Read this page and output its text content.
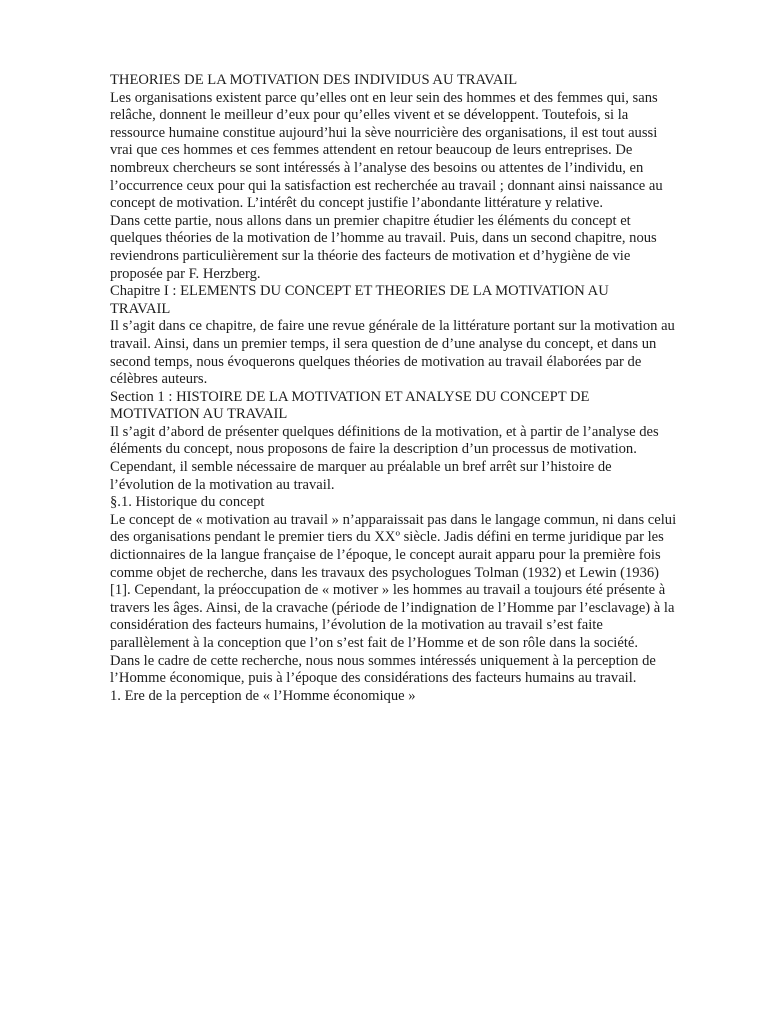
THEORIES DE LA MOTIVATION DES INDIVIDUS AU TRAVAIL

Les organisations existent parce qu’elles ont en leur sein des hommes et des femmes qui, sans
relâche, donnent le meilleur d’eux pour qu’elles vivent et se développent. Toutefois, si la
ressource humaine constitue aujourd’hui la sève nourricière des organisations, il est tout aussi
vrai que ces hommes et ces femmes attendent en retour beaucoup de leurs entreprises. De
nombreux chercheurs se sont intéressés à l’analyse des besoins ou attentes de l’individu, en
l’occurrence ceux pour qui la satisfaction est recherchée au travail ; donnant ainsi naissance au
concept de motivation. L’intérêt du concept justifie l’abondante littérature y relative.

Dans cette partie, nous allons dans un premier chapitre étudier les éléments du concept et
quelques théories de la motivation de l’homme au travail. Puis, dans un second chapitre, nous
reviendrons particulièrement sur la théorie des facteurs de motivation et d’hygiène de vie
proposée par F. Herzberg.

Chapitre I : ELEMENTS DU CONCEPT ET THEORIES DE LA MOTIVATION AU
TRAVAIL

Il s’agit dans ce chapitre, de faire une revue générale de la littérature portant sur la motivation au
travail. Ainsi, dans un premier temps, il sera question de d’une analyse du concept, et dans un
second temps, nous évoquerons quelques théories de motivation au travail élaborées par de
célèbres auteurs.

Section 1 : HISTOIRE DE LA MOTIVATION ET ANALYSE DU CONCEPT DE
MOTIVATION AU TRAVAIL

Il s’agit d’abord de présenter quelques définitions de la motivation, et à partir de l’analyse des
éléments du concept, nous proposons de faire la description d’un processus de motivation.
Cependant, il semble nécessaire de marquer au préalable un bref arrêt sur l’histoire de
l’évolution de la motivation au travail.

§.1. Historique du concept

Le concept de « motivation au travail » n’apparaissait pas dans le langage commun, ni dans celui
des organisations pendant le premier tiers du XXº siècle. Jadis défini en terme juridique par les
dictionnaires de la langue française de l’époque, le concept aurait apparu pour la première fois
comme objet de recherche, dans les travaux des psychologues Tolman (1932) et Lewin (1936)
[1]. Cependant, la préoccupation de « motiver » les hommes au travail a toujours été présente à
travers les âges. Ainsi, de la cravache (période de l’indignation de l’Homme par l’esclavage) à la
considération des facteurs humains, l’évolution de la motivation au travail s’est faite
parallèlement à la conception que l’on s’est fait de l’Homme et de son rôle dans la société.

Dans le cadre de cette recherche, nous nous sommes intéressés uniquement à la perception de
l’Homme économique, puis à l’époque des considérations des facteurs humains au travail.

1. Ere de la perception de « l’Homme économique »
